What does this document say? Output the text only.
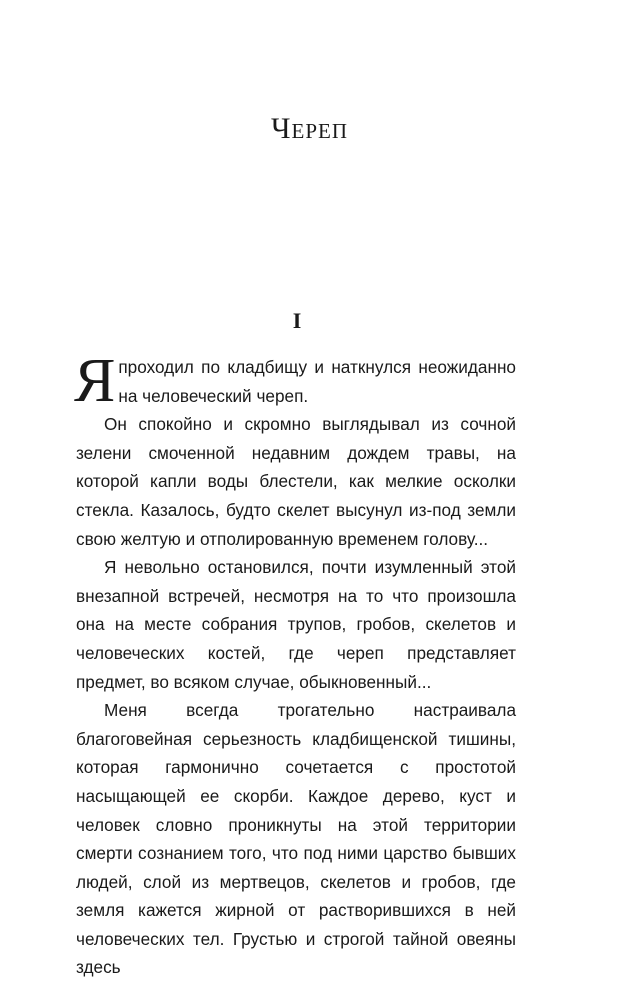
Череп
I

Япроходил по кладбищу и наткнулся неожиданно на человеческий череп.

Он спокойно и скромно выглядывал из сочной зелени смоченной недавним дождем травы, на которой капли воды блестели, как мелкие осколки стекла. Казалось, будто скелет высунул из-под земли свою желтую и отполированную временем голову...

Я невольно остановился, почти изумленный этой внезапной встречей, несмотря на то что произошла она на месте собрания трупов, гробов, скелетов и человеческих костей, где череп представляет предмет, во всяком случае, обыкновенный...

Меня всегда трогательно настраивала благоговейная серьезность кладбищенской тишины, которая гармонично сочетается с простотой насыщающей ее скорби. Каждое дерево, куст и человек словно проникнуты на этой территории смерти сознанием того, что под ними царство бывших людей, слой из мертвецов, скелетов и гробов, где земля кажется жирной от растворившихся в ней человеческих тел. Грустью и строгой тайной овеяны здесь
